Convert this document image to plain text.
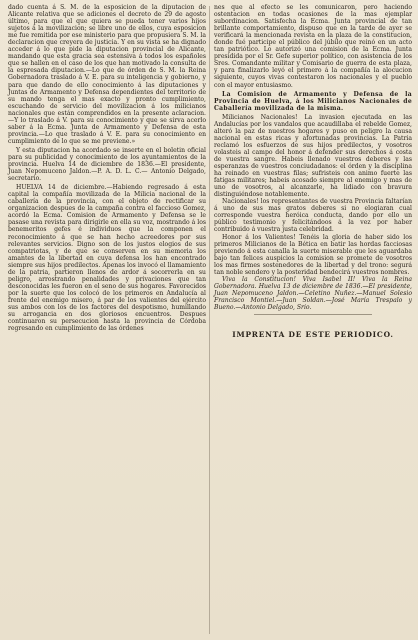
dado cuenta á S. M. de la esposicion de la diputacion de Alicante relativa que se adiciones el decreto de 29 de agosto último, para que el que quiera se pueda tener varios hijos sujetos á la movilizacion; se libre uno de ellos, cuya esposicion me fue remitida por ese ministerio para que propusiera S. M. la declaracion que creyera de justicia. Y en su vista se ha dignado acceder á lo que pide la diputacion provincial de Alicante, mandando que esta gracia sea estensiva á todos los españoles que se hallen en el caso de los que han motivado la consulta de la espresada diputacion.—Lo que de órden de S. M. la Reina Gobernadora traslado á V. E. para su inteligencia y gobierno, y para que dando de ello conocimiento á las diputaciones y Juntas de Armamento y Defensa dependientes del territorio de su mando tenga el mas exacto y pronto cumplimiento, escuchando de servicio del movilizacion á los milicianos nacionales que están comprendidos en la presente aclaracion.—Y lo traslado á V. para su conocimiento y que se sirva acerlo saber á la Ecma. Junta de Armamento y Defensa de esta provincia.—Lo que traslado á V. E. para su conocimiento en cumplimiento de lo que se me previene.»

Y esta diputacion ha acordado se inserte en el boletin oficial para su publicidad y conocimiento de los ayuntamientos de la provincia. Huelva 14 de diciembre de 1836.—El presidente, Juan Nepomuceno Jaldon.—P. A. D. L. C.— Antonio Delgado, secretario.

HUELVA 14 de diciembre.—Habiendo regresado á esta capital la compañía movilizada de la Milicia nacional de la caballería de la provincia, con el objeto de rectificar su organizacion despues de la campaña contra el faccioso Gomez, acordó la Ecma. Comision de Armamento y Defensa se le pasase una revista para dirigirle en ella su voz, mostrando á los benemeritos gefes é individuos que la componen el reconocimiento á que se han hecho acreedores por sus relevantes servicios. Digno son de los justos elogios de sus compatriotas, y de que se conserven en su memoria los amantes de la libertad en cuya defensa los han encontrado siempre sus hijos predilectos. Apenas los invocó el llamamiento de la patria, partieron llenos de ardor á socorrerla en su peligro, arrostrando penalidades y privaciones que tan desconocidas les fueron en el seno de sus hogares. Favorecidos por la suerte que los colocó de los primeros en Andalucía al frente del enemigo misero, á par de los valientes del ejército sus ambos con los de los factores del despotismo, humillando su arrogancia en dos gloriosos encuentros. Despues continuaron su persecucion hasta la provincia de Córdoba regresando en cumplimiento de las órdenes

nes que al efecto se les comunicaron, pero haciendo ostentacion en todas ocasiones de la mas ejemplar subordinacion. Satisfecha la Ecma. Junta provincial de tan brillante comportamiento, dispuso que en la tarde de ayer se verificará la mencionada revista en la plaza de la constitucion, donde fué participe el público del júbilo que reinó en un acto tan patriótico. Lo autorizó una comision de la Ecma. Junta presidida por el Sr. Gefe superior político, con asistencia de los Sres. Comandante militar y Comisario de guerra de esta plaza, y para finalizarlo leyó el primero á la compañía la alocucion siguiente, cuyos vivas contestaron los nacionales y el pueblo con el mayor entusiasmo.

La Comision de Armamento y Defensa de la Provincia de Huelva, á los Milicianos Nacionales de Caballería movilizada de la misma.

Milicianos Nacionales! La invasion ejecutada en las Andalucías por los vandalos que acaudillaba el rebelde Gomez, alteró la paz de nuestros hogares y puso en peligro la causa nacional en estas ricas y afortunadas provincias. La Patria reclamó los esfuerzos de sus hijos predilectos, y vosotros volasteis al campo del honor á defender sus derechos á costa de vuestra sangre. Habeis llenado vuestros deberes y las esperanzas de vuestros conciudadanos: el órden y la disciplina ha reinado en vuestras filas; sufristeis con animo fuerte las fatigas militares; habeis acosado siempre al enemigo y mas de uno de vosotros, al alcanzarle, ha lidiado con bravura distinguiéndose notablemente.

Nacionales! los representantes de vuestra Provincia faltarían á uno de sus mas gratos deberes si no elogiaran cual corresponde vuestra heróica conducta, dando por ello un público testimonio y felicitándoos á la vez por haber contribuido á vuestra justa celebridad.

Honor á los Valientes! Tenéis la gloria de haber sido los primeros Milicianos de la Bética en batir las hordas facciosas previendo á esta canalla la suerte miserable que les aguardaba bajo tan felices auspicios la comision se promete de vosotros los mas firmes sostenedores de la libertad y del trono: segurá tan noble sendero y la posteridad bendecirá vuestros nombres.

Viva la Constitucion! Viva Isabel II! Viva la Reina Gobernadora. Huelva 13 de diciembre de 1836.—El presidente, Juan Nepomuceno Jaldon.—Celetino Nuñez.—Manuel Solesio Francisco Montiel.—Juan Soldan.—José María Trespalo y Bueno.—Antonio Delgado, Srio.

IMPRENTA DE ESTE PERIODICO.
